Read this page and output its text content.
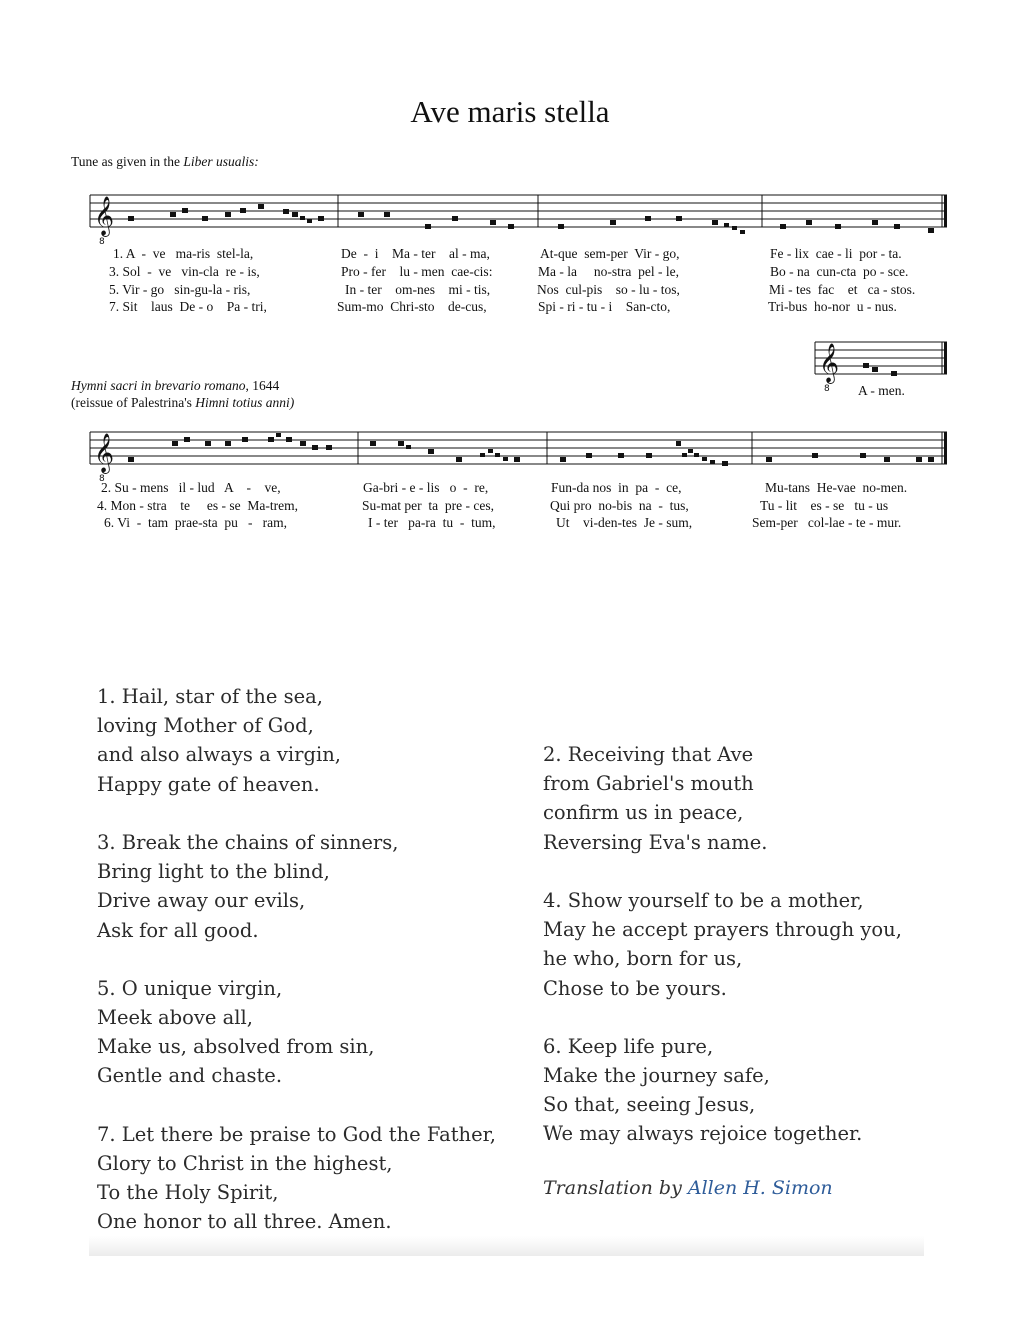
Ave maris stella
Tune as given in the Liber usualis:
𝄞
8

1. A  -  ve   ma-ris  stel-la,

	De  -  i    Ma - ter    al - ma,

	At-que  sem-per  Vir - go,

	Fe - lix  cae - li  por - ta.

3. Sol  -  ve   vin-cla  re - is,

	Pro - fer    lu - men  cae-cis:

	Ma - la     no-stra  pel - le,

	Bo - na  cun-cta  po - sce.

5. Vir - go   sin-gu-la - ris,

	In - ter    om-nes    mi - tis,

	Nos  cul-pis    so - lu - tos,

	Mi - tes  fac    et   ca - stos.

7. Sit    laus  De - o    Pa - tri,

	Sum-mo  Chri-sto    de-cus,

	Spi - ri - tu - i    San-cto,

	Tri-bus  ho-nor  u - nus.

𝄞
8 A - men.
Hymni sacri in brevario romano, 1644
(reissue of Palestrina's Himni totius anni)
𝄞
8

2. Su - mens   il - lud   A    -    ve,

	Ga-bri - e - lis   o  -  re,

	Fun-da nos  in  pa  -  ce,

	Mu-tans  He-vae  no-men.

4. Mon - stra    te     es - se  Ma-trem,

	Su-mat per  ta  pre - ces,

	Qui pro  no-bis  na  -  tus,

	Tu - lit    es - se   tu - us

6. Vi  -  tam  prae-sta  pu   -   ram,

	I - ter   pa-ra  tu  -  tum,

	Ut    vi-den-tes  Je - sum,

	Sem-per   col-lae - te - mur.

1. Hail, star of the sea,
loving Mother of God,
and also always a virgin,
Happy gate of heaven.
3. Break the chains of sinners,
Bring light to the blind,
Drive away our evils,
Ask for all good.
5. O unique virgin,
Meek above all,
Make us, absolved from sin,
Gentle and chaste.
7. Let there be praise to God the Father,
Glory to Christ in the highest,
To the Holy Spirit,
One honor to all three. Amen.
2. Receiving that Ave
from Gabriel's mouth
confirm us in peace,
Reversing Eva's name.
4. Show yourself to be a mother,
May he accept prayers through you,
he who, born for us,
Chose to be yours.
6. Keep life pure,
Make the journey safe,
So that, seeing Jesus,
We may always rejoice together.
Translation by Allen H. Simon
